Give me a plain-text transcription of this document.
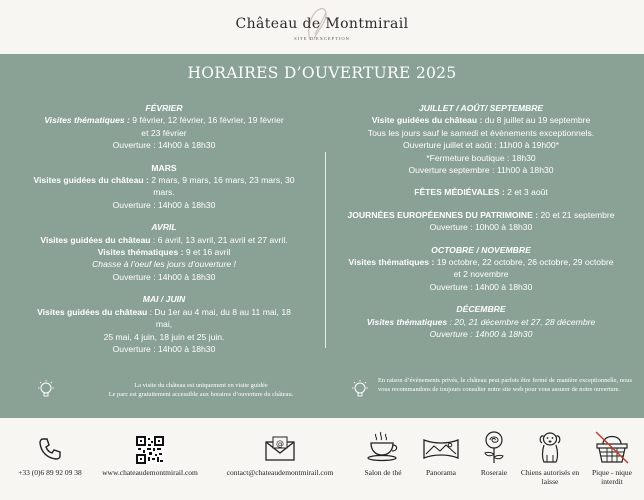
Château de Montmirail
SITE D'EXCEPTION
HORAIRES D’OUVERTURE 2025
FÉVRIER
Visites thématiques : 9 février, 12 février, 16 février, 19 février
et 23 février
Ouverture : 14h00 à 18h30
MARS
Visites guidées du château : 2 mars, 9 mars, 16 mars, 23 mars, 30
mars.
Ouverture : 14h00 à 18h30
AVRIL
Visites guidées du château : 6 avril, 13 avril, 21 avril et 27 avril.
Visites thématiques : 9 et 16 avril
Chasse à l’oeuf les jours d’ouverture !
Ouverture : 14h00 à 18h30
MAI / JUIN
Visites guidées du château : Du 1er au 4 mai, du 8 au 11 mai, 18
mai,
25 mai, 4 juin, 18 juin et 25 juin.
Ouverture : 14h00 à 18h30
JUILLET / AOÛT/ SEPTEMBRE
Visite guidées du château : du 8 juillet au 19 septembre
Tous les jours sauf le samedi et évènements exceptionnels.
Ouverture juillet et août : 11h00 à 19h00*
*Fermeture boutique : 18h30
Ouverture septembre : 11h00 à 18h30
FÊTES MÉDIÉVALES : 2 et 3 août
JOURNÉES EUROPÉENNES DU PATRIMOINE : 20 et 21 septembre
Ouverture : 10h00 à 18h30
OCTOBRE / NOVEMBRE
Visites thématiques : 19 octobre, 22 octobre, 26 octobre, 29 octobre
et 2 novembre
Ouverture : 14h00 à 18h30
DÉCEMBRE
Visites thématiques : 20, 21 décembre et 27, 28 décembre
Ouverture : 14h00 à 18h30
La visite du château est uniquement en visite guidée
Le parc est gratuitement accessible aux horaires d’ouverture du château.
En raison d’évènements privés, le château peut parfois être fermé de manière exceptionnelle, nous vous recommandons de toujours consulter notre site web pour vous assurer de notre ouverture.
+33 (0)6 89 92 09 38	www.chateaudemontmirail.com
@
contact@chateaudemontmirail.com	Salon de thé	Panorama	Roseraie	Chiens autorisés en laisse
Pique - nique interdit
